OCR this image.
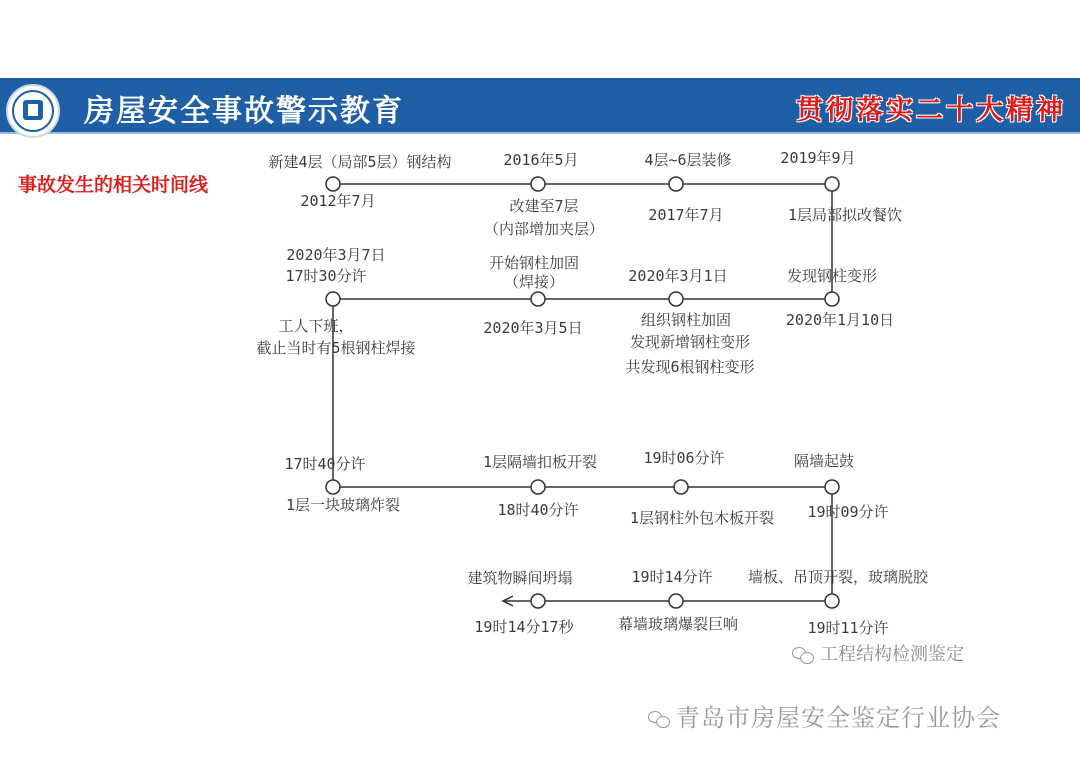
房屋安全事故警示教育	贯彻落实二十大精神
事故发生的相关时间线
新建4层（局部5层）钢结构
2012年7月
2016年5月
改建至7层
（内部增加夹层）
4层~6层装修
2017年7月
2019年9月
1层局部拟改餐饮
2020年3月7日
17时30分许
工人下班，
截止当时有5根钢柱焊接
开始钢柱加固
（焊接）
2020年3月5日
2020年3月1日
组织钢柱加固
发现新增钢柱变形
共发现6根钢柱变形
发现钢柱变形
2020年1月10日
17时40分许
1层一块玻璃炸裂
1层隔墙扣板开裂
18时40分许
19时06分许
1层钢柱外包木板开裂
隔墙起鼓
19时09分许
墙板、吊顶开裂，玻璃脱胶
19时11分许
19时14分许
幕墙玻璃爆裂巨响
建筑物瞬间坍塌
19时14分17秒
工程结构检测鉴定
青岛市房屋安全鉴定行业协会
